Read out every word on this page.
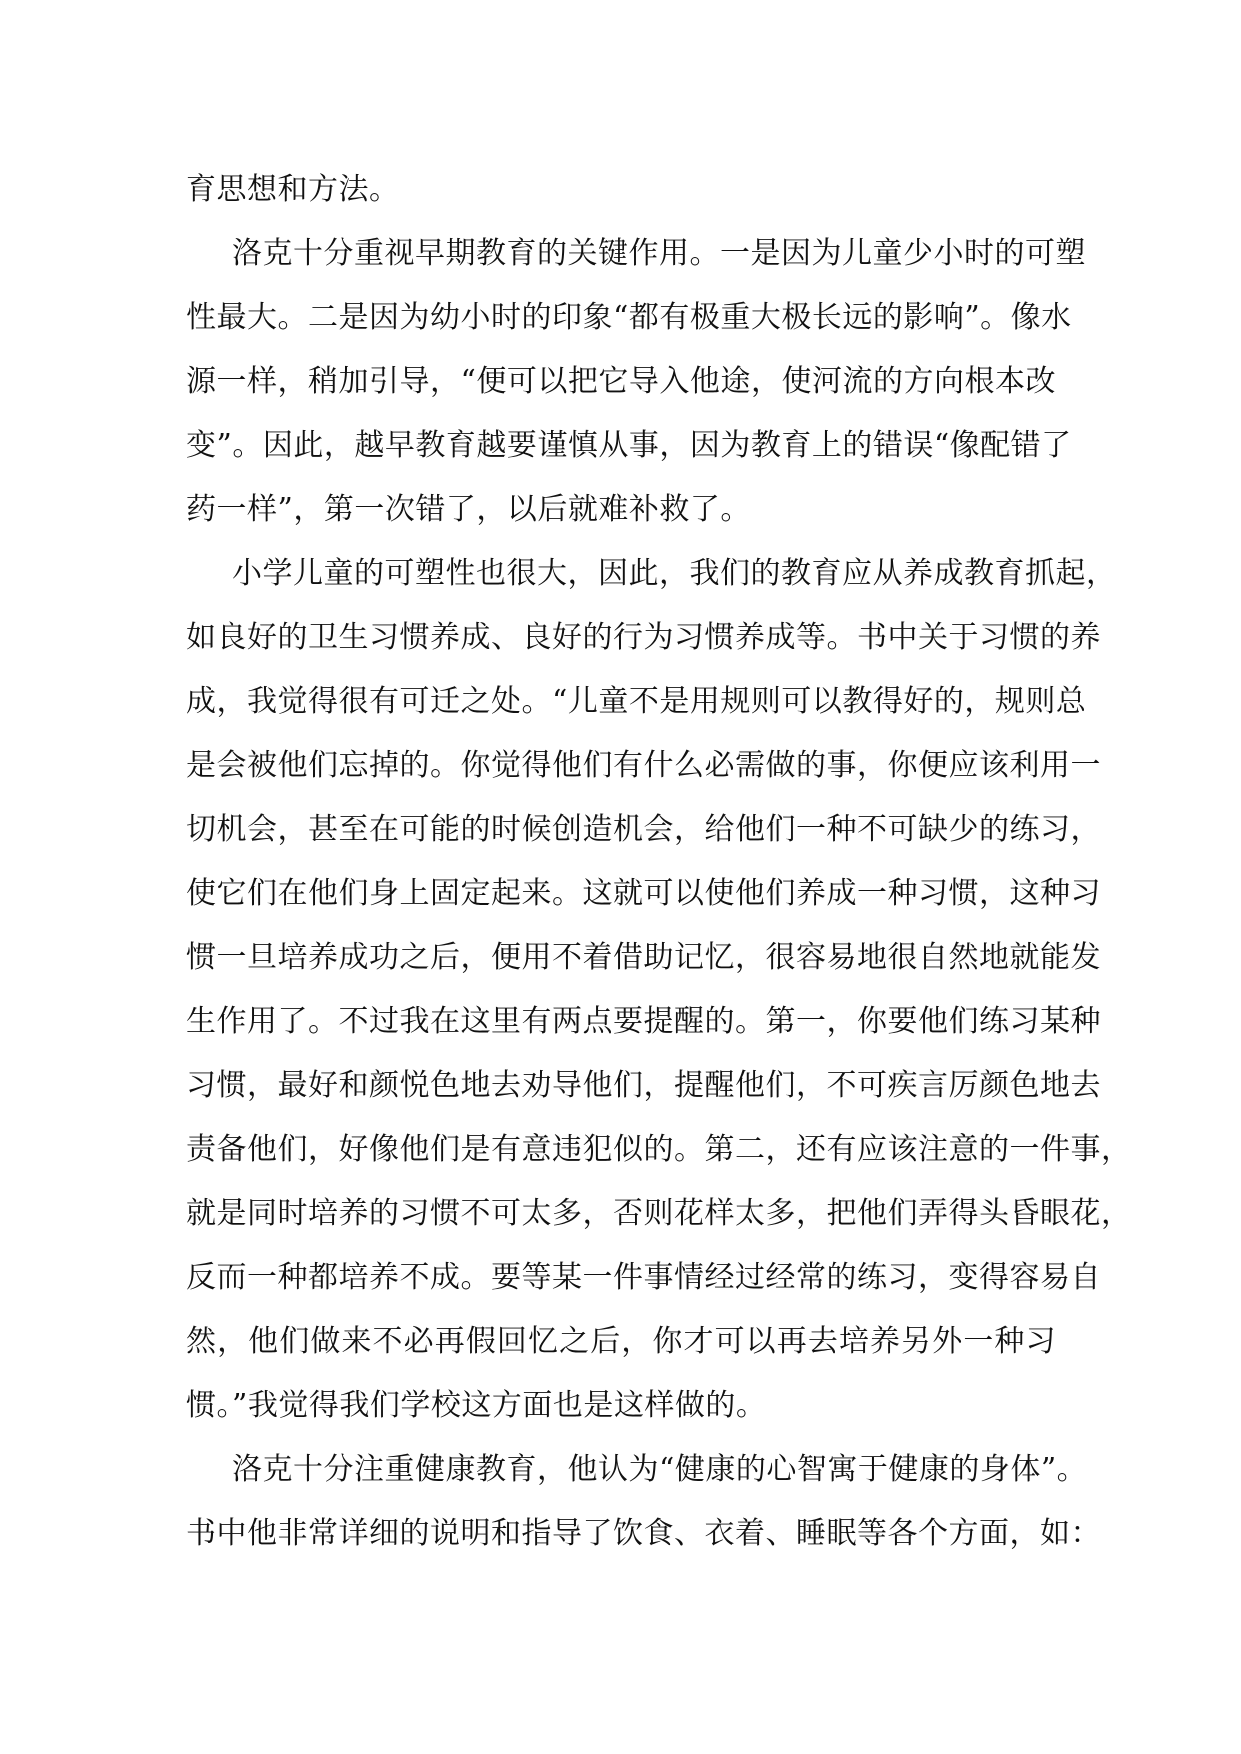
育思想和方法。
洛克十分重视早期教育的关键作用。一是因为儿童少小时的可塑
性最大。二是因为幼小时的印象“都有极重大极长远的影响”。像水
源一样，稍加引导，“便可以把它导入他途，使河流的方向根本改
变”。因此，越早教育越要谨慎从事，因为教育上的错误“像配错了
药一样”，第一次错了，以后就难补救了。
小学儿童的可塑性也很大，因此，我们的教育应从养成教育抓起，
如良好的卫生习惯养成、良好的行为习惯养成等。书中关于习惯的养
成，我觉得很有可迁之处。“儿童不是用规则可以教得好的，规则总
是会被他们忘掉的。你觉得他们有什么必需做的事，你便应该利用一
切机会，甚至在可能的时候创造机会，给他们一种不可缺少的练习，
使它们在他们身上固定起来。这就可以使他们养成一种习惯，这种习
惯一旦培养成功之后，便用不着借助记忆，很容易地很自然地就能发
生作用了。不过我在这里有两点要提醒的。第一，你要他们练习某种
习惯，最好和颜悦色地去劝导他们，提醒他们，不可疾言厉颜色地去
责备他们，好像他们是有意违犯似的。第二，还有应该注意的一件事，
就是同时培养的习惯不可太多，否则花样太多，把他们弄得头昏眼花，
反而一种都培养不成。要等某一件事情经过经常的练习，变得容易自
然，他们做来不必再假回忆之后，你才可以再去培养另外一种习
惯。”我觉得我们学校这方面也是这样做的。
洛克十分注重健康教育，他认为“健康的心智寓于健康的身体”。
书中他非常详细的说明和指导了饮食、衣着、睡眠等各个方面，如：
